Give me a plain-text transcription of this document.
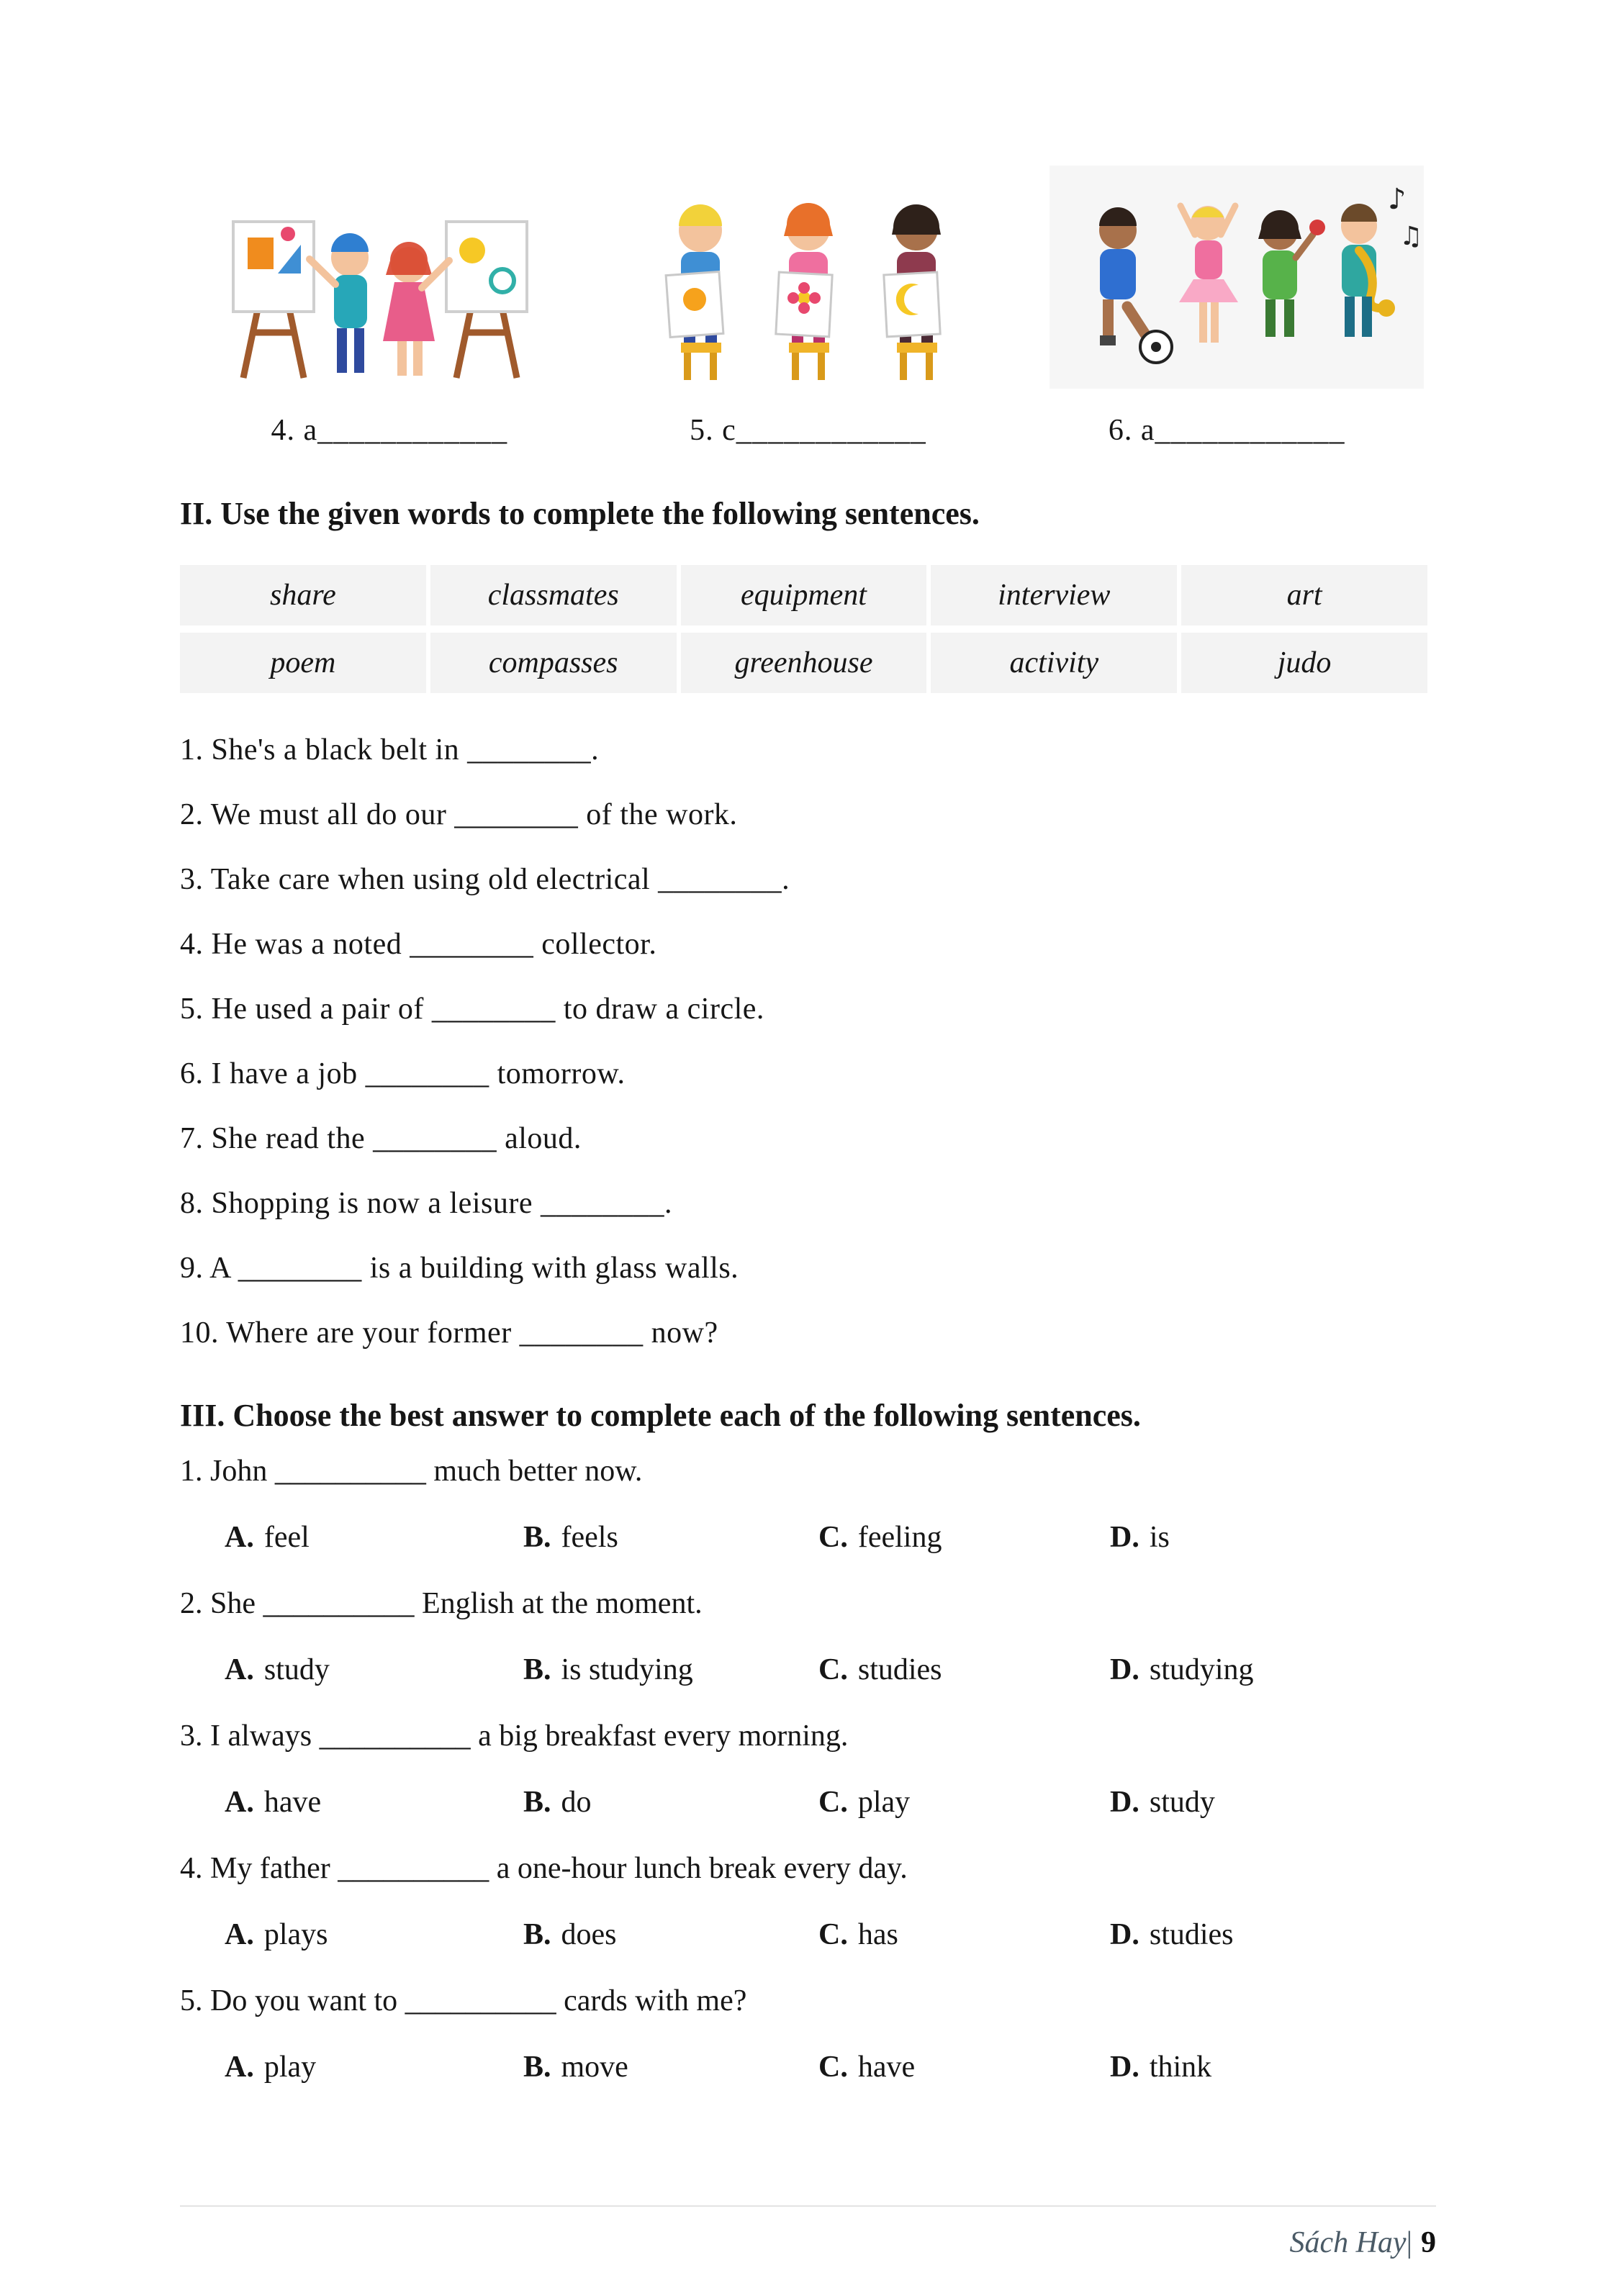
♪
♫
4. a____________	5. c____________	6. a____________
II. Use the given words to complete the following sentences.
share	classmates	equipment	interview	art
poem	compasses	greenhouse	activity	judo

1. She's a black belt in ________.

2. We must all do our ________ of the work.

3. Take care when using old electrical ________.

4. He was a noted ________ collector.

5. He used a pair of ________ to draw a circle.

6. I have a job ________ tomorrow.

7. She read the ________ aloud.

8. Shopping is now a leisure ________.

9. A ________ is a building with glass walls.

10. Where are your former ________ now?

III. Choose the best answer to complete each of the following sentences.

1. John __________ much better now.

A. feel	B. feels	C. feeling	D. is

2. She __________ English at the moment.

A. study	B. is studying	C. studies	D. studying

3. I always __________ a big breakfast every morning.

A. have	B. do	C. play	D. study

4. My father __________ a one-hour lunch break every day.

A. plays	B. does	C. has	D. studies

5. Do you want to __________ cards with me?

A. play	B. move	C. have	D. think
Sách Hay| 9
